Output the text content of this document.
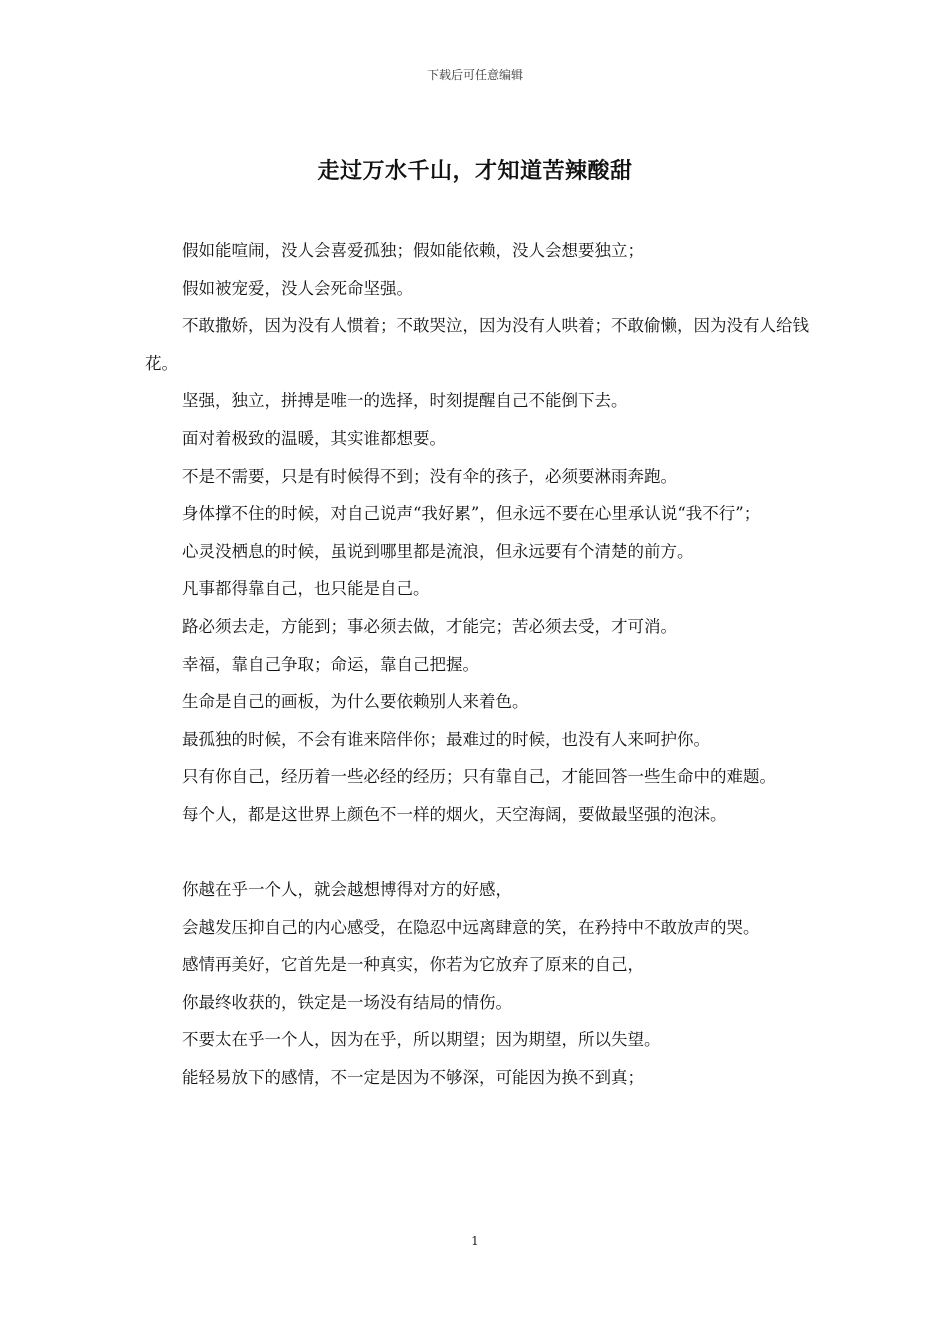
下载后可任意编辑
走过万水千山，才知道苦辣酸甜

假如能喧闹，没人会喜爱孤独；假如能依赖，没人会想要独立；

假如被宠爱，没人会死命坚强。

不敢撒娇，因为没有人惯着；不敢哭泣，因为没有人哄着；不敢偷懒，因为没有人给钱花。

坚强，独立，拼搏是唯一的选择，时刻提醒自己不能倒下去。

面对着极致的温暖，其实谁都想要。

不是不需要，只是有时候得不到；没有伞的孩子，必须要淋雨奔跑。

身体撑不住的时候，对自己说声“我好累”，但永远不要在心里承认说“我不行”；

心灵没栖息的时候，虽说到哪里都是流浪，但永远要有个清楚的前方。

凡事都得靠自己，也只能是自己。

路必须去走，方能到；事必须去做，才能完；苦必须去受，才可消。

幸福，靠自己争取；命运，靠自己把握。

生命是自己的画板，为什么要依赖别人来着色。

最孤独的时候，不会有谁来陪伴你；最难过的时候，也没有人来呵护你。

只有你自己，经历着一些必经的经历；只有靠自己，才能回答一些生命中的难题。

每个人，都是这世界上颜色不一样的烟火，天空海阔，要做最坚强的泡沫。

你越在乎一个人，就会越想博得对方的好感，

会越发压抑自己的内心感受，在隐忍中远离肆意的笑，在矜持中不敢放声的哭。

感情再美好，它首先是一种真实，你若为它放弃了原来的自己，

你最终收获的，铁定是一场没有结局的情伤。

不要太在乎一个人，因为在乎，所以期望；因为期望，所以失望。

能轻易放下的感情，不一定是因为不够深，可能因为换不到真；

1
